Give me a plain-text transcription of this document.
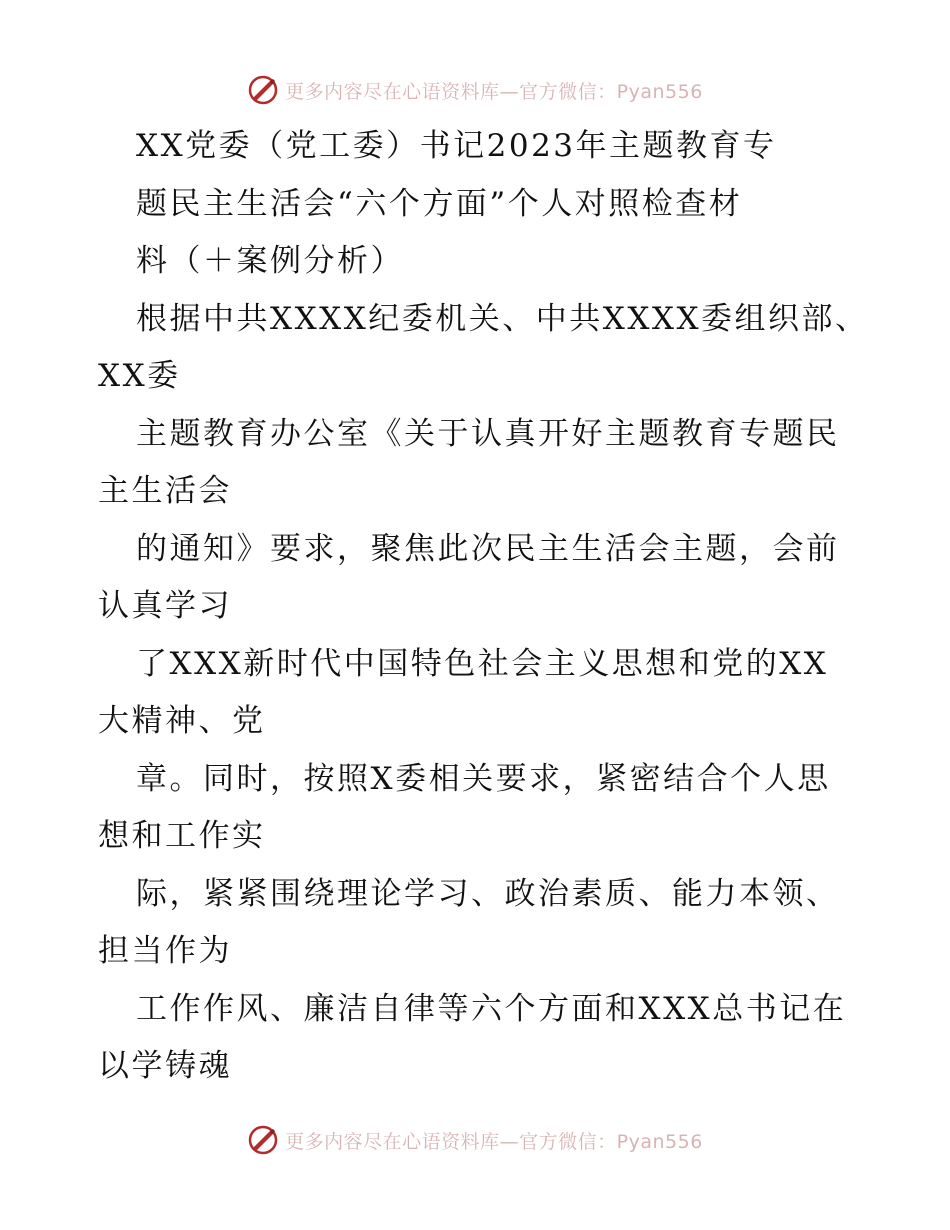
更多内容尽在心语资料库—官方微信：Pyan556
XX党委（党工委）书记2023年主题教育专
题民主生活会“六个方面”个人对照检查材
料（＋案例分析）
根据中共XXXX纪委机关、中共XXXX委组织部、
XX委
主题教育办公室《关于认真开好主题教育专题民
主生活会
的通知》要求，聚焦此次民主生活会主题，会前
认真学习
了XXX新时代中国特色社会主义思想和党的XX
大精神、党
章。同时，按照X委相关要求，紧密结合个人思
想和工作实
际，紧紧围绕理论学习、政治素质、能力本领、
担当作为
工作作风、廉洁自律等六个方面和XXX总书记在
以学铸魂
更多内容尽在心语资料库—官方微信：Pyan556
